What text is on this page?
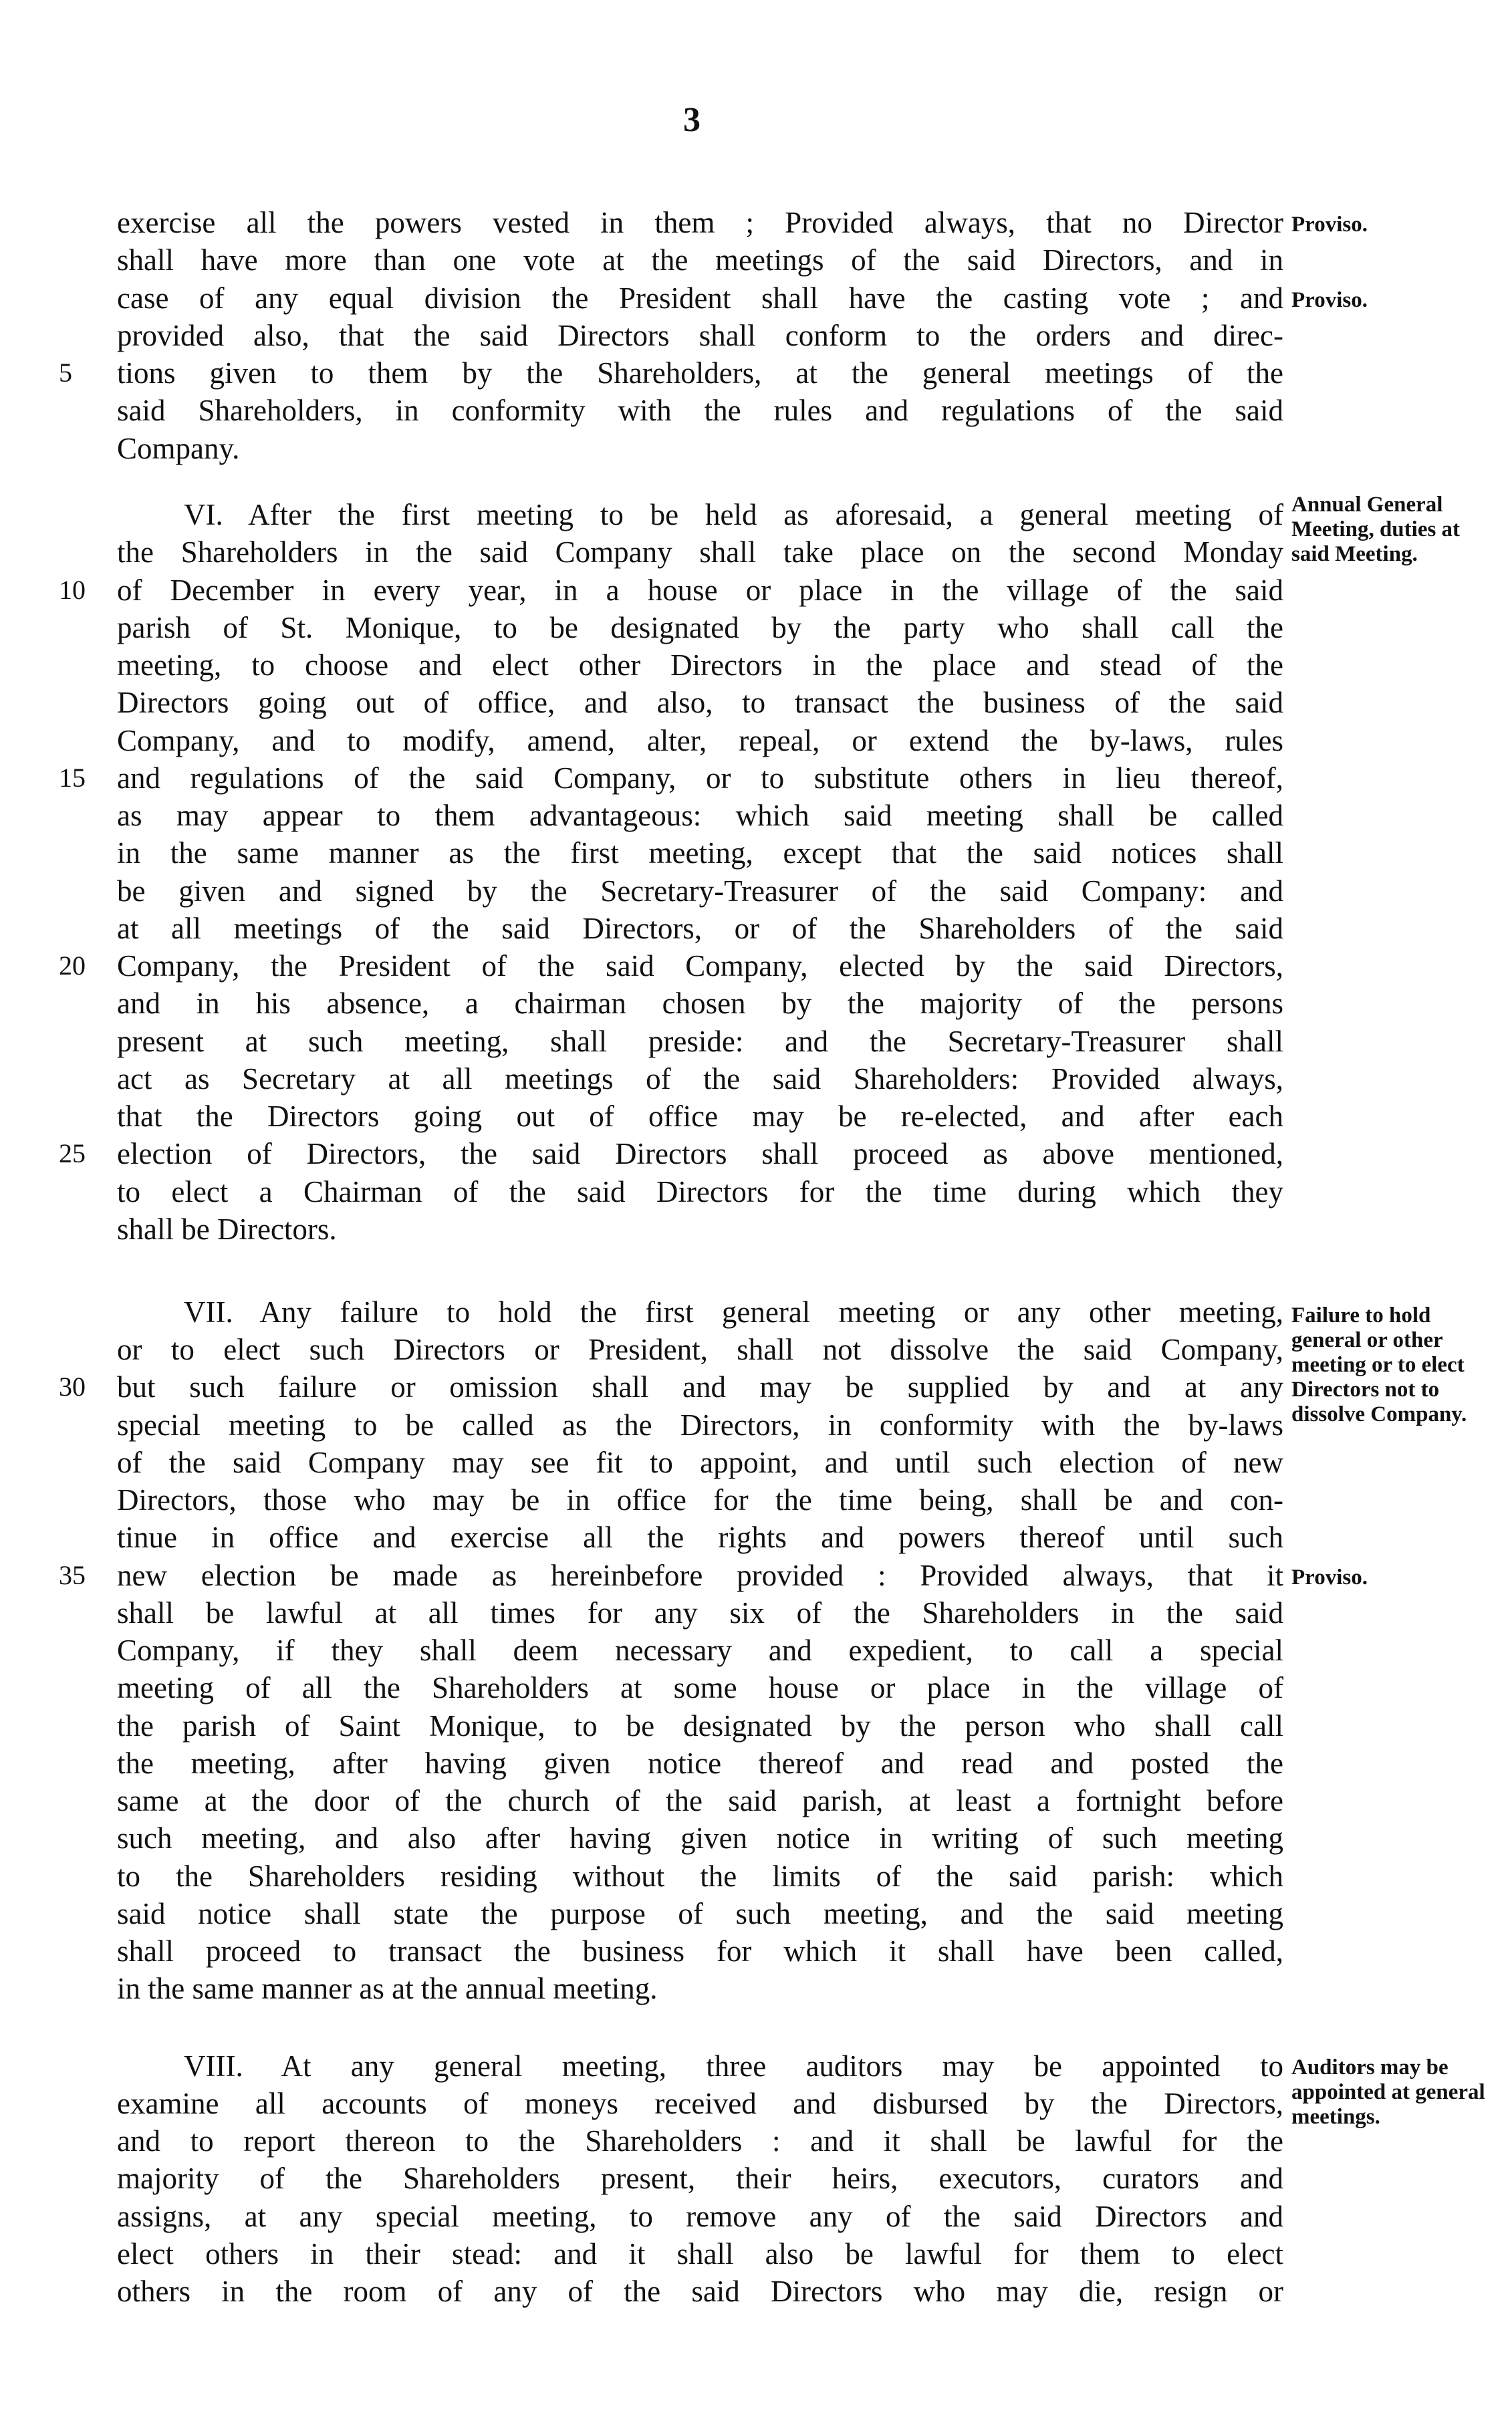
3
exercise all the powers vested in them ; Provided always, that no Director
shall have more than one vote at the meetings of the said Directors, and in
case of any equal division the President shall have the casting vote ; and
provided also, that the said Directors shall conform to the orders and direc-
tions given to them by the Shareholders, at the general meetings of the
said Shareholders, in conformity with the rules and regulations of the said
Company.
VI. After the first meeting to be held as aforesaid, a general meeting of
the Shareholders in the said Company shall take place on the second Monday
of December in every year, in a house or place in the village of the said
parish of St. Monique, to be designated by the party who shall call the
meeting, to choose and elect other Directors in the place and stead of the
Directors going out of office, and also, to transact the business of the said
Company, and to modify, amend, alter, repeal, or extend the by-laws, rules
and regulations of the said Company, or to substitute others in lieu thereof,
as may appear to them advantageous: which said meeting shall be called
in the same manner as the first meeting, except that the said notices shall
be given and signed by the Secretary-Treasurer of the said Company: and
at all meetings of the said Directors, or of the Shareholders of the said
Company, the President of the said Company, elected by the said Directors,
and in his absence, a chairman chosen by the majority of the persons
present at such meeting, shall preside: and the Secretary-Treasurer shall
act as Secretary at all meetings of the said Shareholders: Provided always,
that the Directors going out of office may be re-elected, and after each
election of Directors, the said Directors shall proceed as above mentioned,
to elect a Chairman of the said Directors for the time during which they
shall be Directors.
VII. Any failure to hold the first general meeting or any other meeting,
or to elect such Directors or President, shall not dissolve the said Company,
but such failure or omission shall and may be supplied by and at any
special meeting to be called as the Directors, in conformity with the by-laws
of the said Company may see fit to appoint, and until such election of new
Directors, those who may be in office for the time being, shall be and con-
tinue in office and exercise all the rights and powers thereof until such
new election be made as hereinbefore provided : Provided always, that it
shall be lawful at all times for any six of the Shareholders in the said
Company, if they shall deem necessary and expedient, to call a special
meeting of all the Shareholders at some house or place in the village of
the parish of Saint Monique, to be designated by the person who shall call
the meeting, after having given notice thereof and read and posted the
same at the door of the church of the said parish, at least a fortnight before
such meeting, and also after having given notice in writing of such meeting
to the Shareholders residing without the limits of the said parish: which
said notice shall state the purpose of such meeting, and the said meeting
shall proceed to transact the business for which it shall have been called,
in the same manner as at the annual meeting.
VIII. At any general meeting, three auditors may be appointed to
examine all accounts of moneys received and disbursed by the Directors,
and to report thereon to the Shareholders : and it shall be lawful for the
majority of the Shareholders present, their heirs, executors, curators and
assigns, at any special meeting, to remove any of the said Directors and
elect others in their stead: and it shall also be lawful for them to elect
others in the room of any of the said Directors who may die, resign or
5
10
15
20
25
30
35
Proviso.
Proviso.
Annual General Meeting, duties at said Meeting.
Failure to hold general or other meeting or to elect Directors not to dissolve Company.
Proviso.
Auditors may be appointed at general meetings.
